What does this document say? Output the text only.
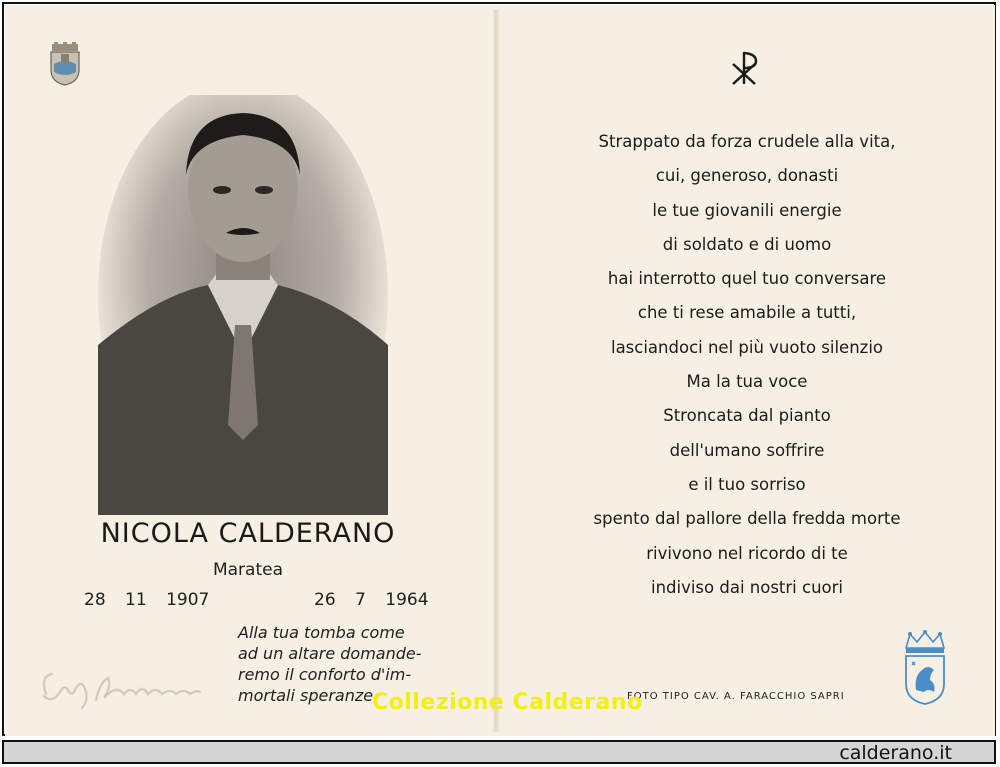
NICOLA CALDERANO
Maratea
28 11 1907	26 7 1964
Alla tua tomba come
ad un altare domande-
remo il conforto d'im-
mortali speranze
Strappato da forza crudele alla vita,
cui, generoso, donasti
le tue giovanili energie
di soldato e di uomo
hai interrotto quel tuo conversare
che ti rese amabile a tutti,
lasciandoci nel più vuoto silenzio
Ma la tua voce
Stroncata dal pianto
dell'umano soffrire
e il tuo sorriso
spento dal pallore della fredda morte
rivivono nel ricordo di te
indiviso dai nostri cuori
FOTO TIPO CAV. A. FARACCHIO SAPRI
Collezione Calderano
calderano.it
